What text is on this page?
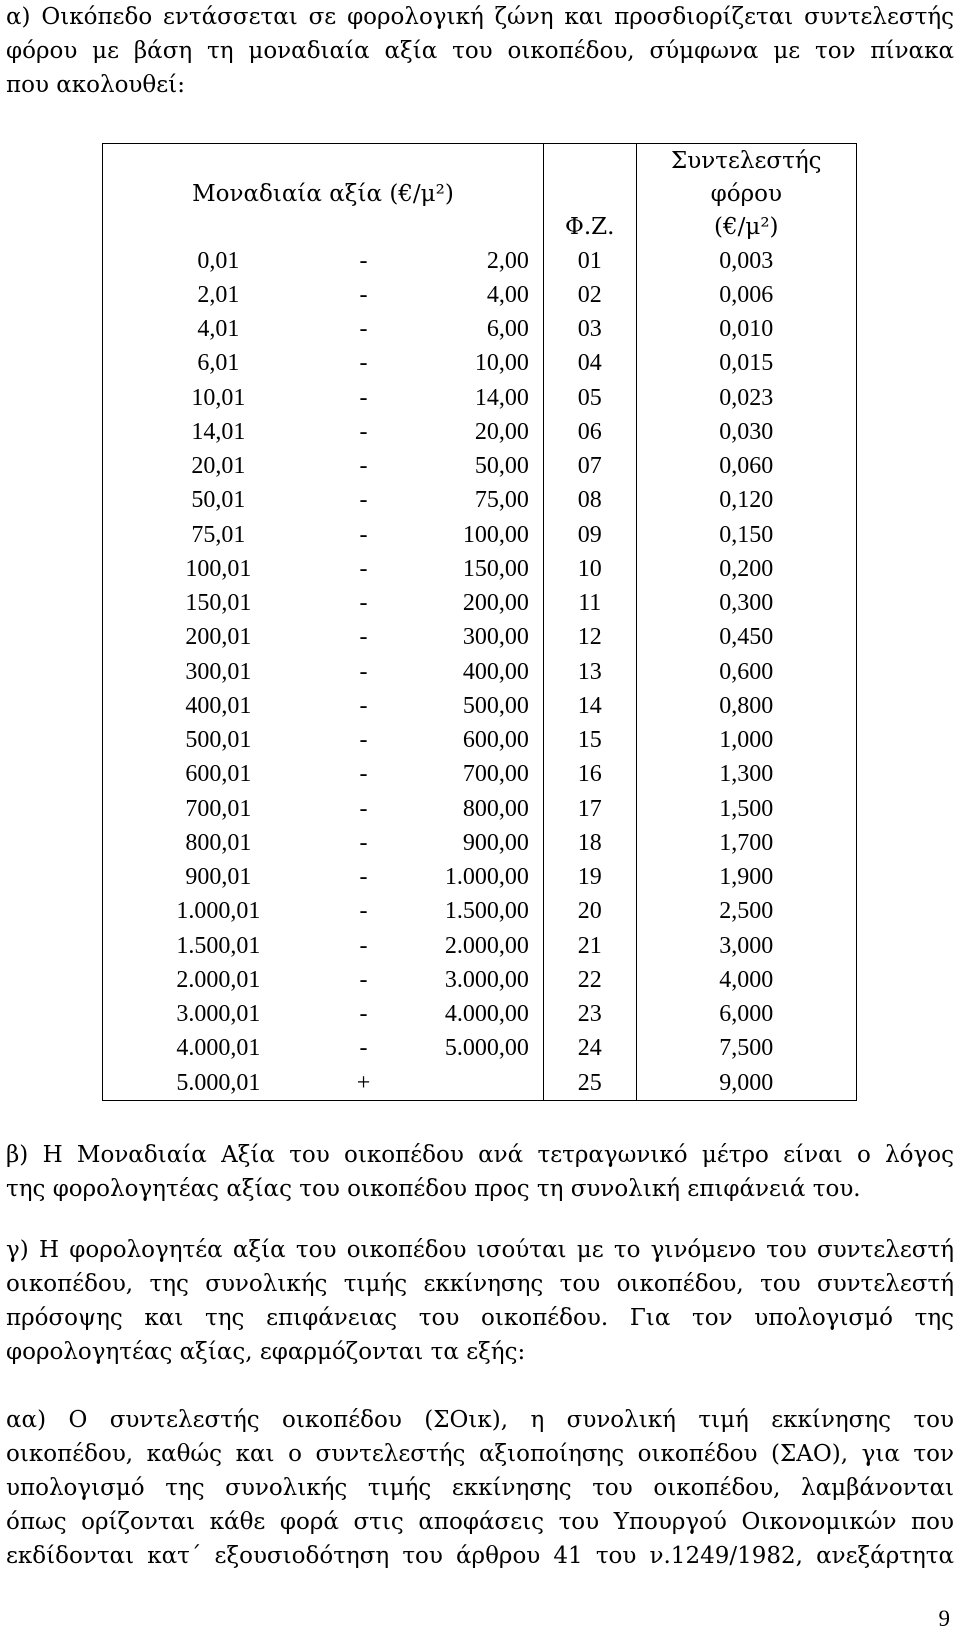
α) Οικόπεδο εντάσσεται σε φορολογική ζώνη και προσδιορίζεται συντελεστής
φόρου με βάση τη μοναδιαία αξία του οικοπέδου, σύμφωνα με τον πίνακα
που ακολουθεί:
Μοναδιαία αξία (€/μ²)			Φ.Ζ.	Συντελεστής
φόρου
(€/μ²)

0,01	-	2,00	01	0,003
2,01	-	4,00	02	0,006
4,01	-	6,00	03	0,010
6,01	-	10,00	04	0,015
10,01	-	14,00	05	0,023
14,01	-	20,00	06	0,030
20,01	-	50,00	07	0,060
50,01	-	75,00	08	0,120
75,01	-	100,00	09	0,150
100,01	-	150,00	10	0,200
150,01	-	200,00	11	0,300
200,01	-	300,00	12	0,450
300,01	-	400,00	13	0,600
400,01	-	500,00	14	0,800
500,01	-	600,00	15	1,000
600,01	-	700,00	16	1,300
700,01	-	800,00	17	1,500
800,01	-	900,00	18	1,700
900,01	-	1.000,00	19	1,900
1.000,01	-	1.500,00	20	2,500
1.500,01	-	2.000,00	21	3,000
2.000,01	-	3.000,00	22	4,000
3.000,01	-	4.000,00	23	6,000
4.000,01	-	5.000,00	24	7,500
5.000,01	+		25	9,000
β) Η Μοναδιαία Αξία του οικοπέδου ανά τετραγωνικό μέτρο είναι ο λόγος
της φορολογητέας αξίας του οικοπέδου προς τη συνολική επιφάνειά του.
γ) Η φορολογητέα αξία του οικοπέδου ισούται με το γινόμενο του συντελεστή
οικοπέδου, της συνολικής τιμής εκκίνησης του οικοπέδου, του συντελεστή
πρόσοψης και της επιφάνειας του οικοπέδου. Για τον υπολογισμό της
φορολογητέας αξίας, εφαρμόζονται τα εξής:
αα) Ο συντελεστής οικοπέδου (ΣΟικ), η συνολική τιμή εκκίνησης του
οικοπέδου, καθώς και ο συντελεστής αξιοποίησης οικοπέδου (ΣΑΟ), για τον
υπολογισμό της συνολικής τιμής εκκίνησης του οικοπέδου, λαμβάνονται
όπως ορίζονται κάθε φορά στις αποφάσεις του Υπουργού Οικονομικών που
εκδίδονται κατ΄ εξουσιοδότηση του άρθρου 41 του ν.1249/1982, ανεξάρτητα
9
